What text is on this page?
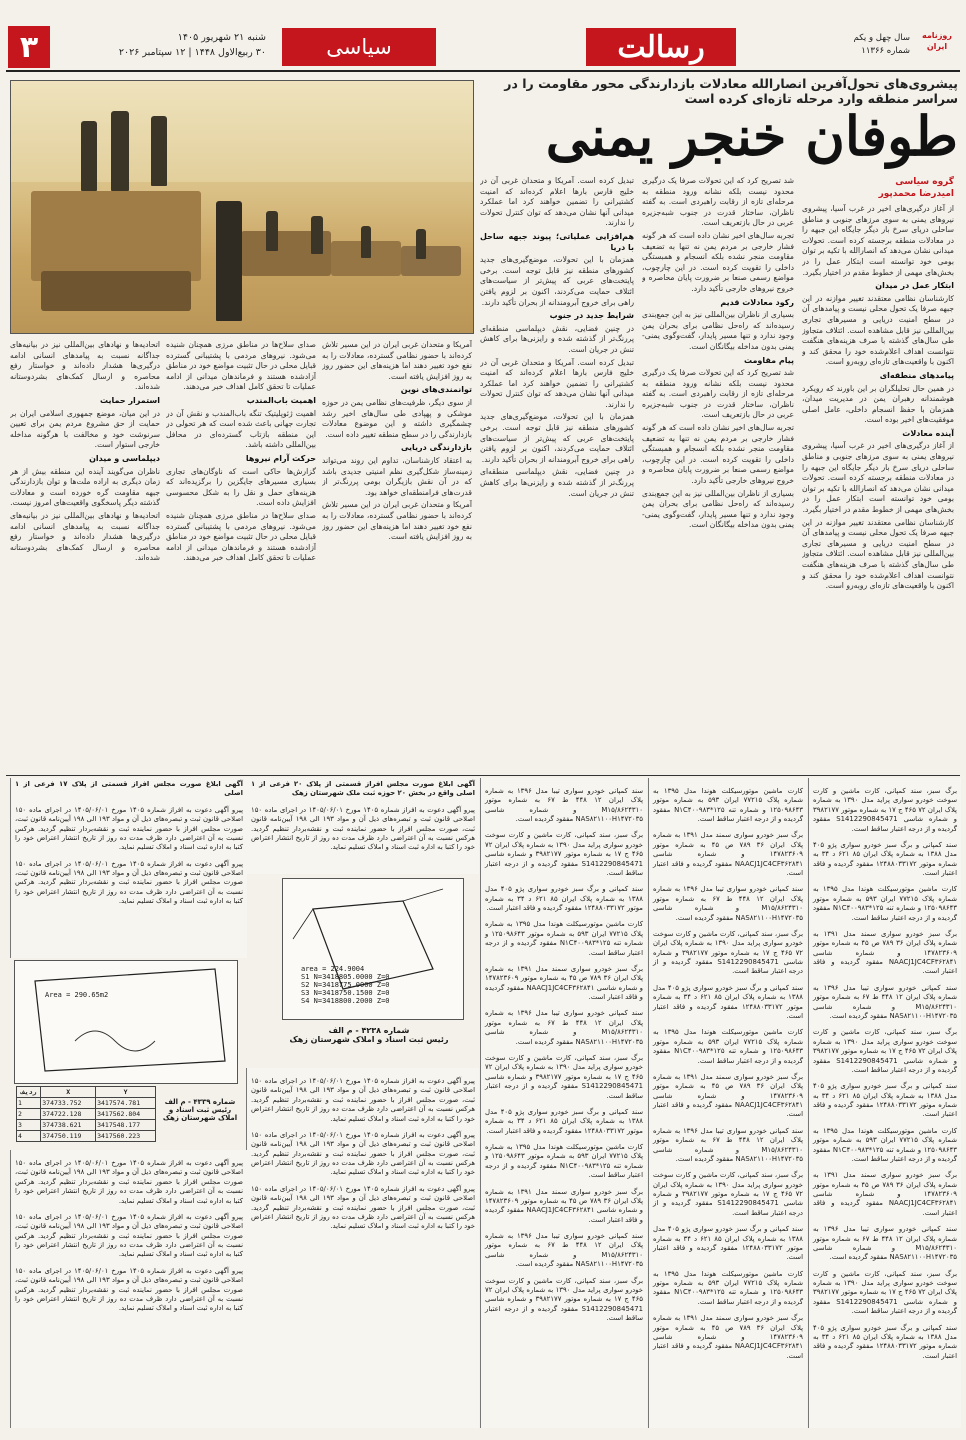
۳	شنبه ۲۱ شهریور ۱۴۰۵
۳۰ ربیع‌الاول ۱۴۴۸ | ۱۲ سپتامبر ۲۰۲۶	سیاسی	رسالت	سال چهل و یکم
شماره ۱۱۳۶۶
روزنامه ایران
پیشروی‌های تحول‌آفرین انصارالله معادلات بازدارندگی محور مقاومت را در سراسر منطقه وارد مرحله تازه‌ای کرده است
طوفان خنجر یمنی
گروه سیاسی
امیدرضا محمدپور

از آغاز درگیری‌های اخیر در غرب آسیا، پیشروی نیروهای یمنی به سوی مرزهای جنوبی و مناطق ساحلی دریای سرخ بار دیگر جایگاه این جبهه را در معادلات منطقه برجسته کرده است. تحولات میدانی نشان می‌دهد که انصارالله با تکیه بر توان بومی خود توانسته است ابتکار عمل را در بخش‌های مهمی از خطوط مقدم در اختیار بگیرد.

ابتکار عمل در میدان

کارشناسان نظامی معتقدند تغییر موازنه در این جبهه صرفا یک تحول محلی نیست و پیامدهای آن در سطح امنیت دریایی و مسیرهای تجاری بین‌المللی نیز قابل مشاهده است. ائتلاف متجاوز طی سال‌های گذشته با صرف هزینه‌های هنگفت نتوانست اهداف اعلام‌شده خود را محقق کند و اکنون با واقعیت‌های تازه‌ای روبه‌رو است.

پیامدهای منطقه‌ای

در همین حال تحلیلگران بر این باورند که رویکرد هوشمندانه رهبران یمن در مدیریت میدان، همزمان با حفظ انسجام داخلی، عامل اصلی موفقیت‌های اخیر بوده است.

آینده معادلات

از آغاز درگیری‌های اخیر در غرب آسیا، پیشروی نیروهای یمنی به سوی مرزهای جنوبی و مناطق ساحلی دریای سرخ بار دیگر جایگاه این جبهه را در معادلات منطقه برجسته کرده است. تحولات میدانی نشان می‌دهد که انصارالله با تکیه بر توان بومی خود توانسته است ابتکار عمل را در بخش‌های مهمی از خطوط مقدم در اختیار بگیرد.

کارشناسان نظامی معتقدند تغییر موازنه در این جبهه صرفا یک تحول محلی نیست و پیامدهای آن در سطح امنیت دریایی و مسیرهای تجاری بین‌المللی نیز قابل مشاهده است. ائتلاف متجاوز طی سال‌های گذشته با صرف هزینه‌های هنگفت نتوانست اهداف اعلام‌شده خود را محقق کند و اکنون با واقعیت‌های تازه‌ای روبه‌رو است.

شد تصریح کرد که این تحولات صرفا یک درگیری محدود نیست بلکه نشانه ورود منطقه به مرحله‌ای تازه از رقابت راهبردی است. به گفته ناظران، ساختار قدرت در جنوب شبه‌جزیره عربی در حال بازتعریف است.

تجربه سال‌های اخیر نشان داده است که هر گونه فشار خارجی بر مردم یمن نه تنها به تضعیف مقاومت منجر نشده بلکه انسجام و همبستگی داخلی را تقویت کرده است. در این چارچوب، مواضع رسمی صنعا بر ضرورت پایان محاصره و خروج نیروهای خارجی تأکید دارد.

رکود معادلات قدیم

بسیاری از ناظران بین‌المللی نیز به این جمع‌بندی رسیده‌اند که راه‌حل نظامی برای بحران یمن وجود ندارد و تنها مسیر پایدار، گفت‌وگوی یمنی-یمنی بدون مداخله بیگانگان است.

پیام مقاومت

شد تصریح کرد که این تحولات صرفا یک درگیری محدود نیست بلکه نشانه ورود منطقه به مرحله‌ای تازه از رقابت راهبردی است. به گفته ناظران، ساختار قدرت در جنوب شبه‌جزیره عربی در حال بازتعریف است.

تجربه سال‌های اخیر نشان داده است که هر گونه فشار خارجی بر مردم یمن نه تنها به تضعیف مقاومت منجر نشده بلکه انسجام و همبستگی داخلی را تقویت کرده است. در این چارچوب، مواضع رسمی صنعا بر ضرورت پایان محاصره و خروج نیروهای خارجی تأکید دارد.

بسیاری از ناظران بین‌المللی نیز به این جمع‌بندی رسیده‌اند که راه‌حل نظامی برای بحران یمن وجود ندارد و تنها مسیر پایدار، گفت‌وگوی یمنی-یمنی بدون مداخله بیگانگان است.

تبدیل کرده است. آمریکا و متحدان غربی آن در خلیج فارس بارها اعلام کرده‌اند که امنیت کشتیرانی را تضمین خواهند کرد اما عملکرد میدانی آنها نشان می‌دهد که توان کنترل تحولات را ندارند.

هم‌افزایی عملیاتی؛ پیوند جبهه ساحل با دریا

همزمان با این تحولات، موضع‌گیری‌های جدید کشورهای منطقه نیز قابل توجه است. برخی پایتخت‌های عربی که پیش‌تر از سیاست‌های ائتلاف حمایت می‌کردند، اکنون بر لزوم یافتن راهی برای خروج آبرومندانه از بحران تأکید دارند.

شرایط جدید در جنوب

در چنین فضایی، نقش دیپلماسی منطقه‌ای پررنگ‌تر از گذشته شده و رایزنی‌ها برای کاهش تنش در جریان است.

تبدیل کرده است. آمریکا و متحدان غربی آن در خلیج فارس بارها اعلام کرده‌اند که امنیت کشتیرانی را تضمین خواهند کرد اما عملکرد میدانی آنها نشان می‌دهد که توان کنترل تحولات را ندارند.

همزمان با این تحولات، موضع‌گیری‌های جدید کشورهای منطقه نیز قابل توجه است. برخی پایتخت‌های عربی که پیش‌تر از سیاست‌های ائتلاف حمایت می‌کردند، اکنون بر لزوم یافتن راهی برای خروج آبرومندانه از بحران تأکید دارند.

در چنین فضایی، نقش دیپلماسی منطقه‌ای پررنگ‌تر از گذشته شده و رایزنی‌ها برای کاهش تنش در جریان است.

آمریکا و متحدان غربی ایران در این مسیر تلاش کرده‌اند با حضور نظامی گسترده، معادلات را به نفع خود تغییر دهند اما هزینه‌های این حضور روز به روز افزایش یافته است.

توانمندی‌های نوین

از سوی دیگر، ظرفیت‌های نظامی یمن در حوزه موشکی و پهپادی طی سال‌های اخیر رشد چشمگیری داشته و این موضوع معادلات بازدارندگی را در سطح منطقه تغییر داده است.

بازدارندگی دریایی

به اعتقاد کارشناسان، تداوم این روند می‌تواند زمینه‌ساز شکل‌گیری نظم امنیتی جدیدی باشد که در آن نقش بازیگران بومی پررنگ‌تر از قدرت‌های فرامنطقه‌ای خواهد بود.

آمریکا و متحدان غربی ایران در این مسیر تلاش کرده‌اند با حضور نظامی گسترده، معادلات را به نفع خود تغییر دهند اما هزینه‌های این حضور روز به روز افزایش یافته است.

صدای سلاح‌ها در مناطق مرزی همچنان شنیده می‌شود. نیروهای مردمی با پشتیبانی گسترده قبایل محلی در حال تثبیت مواضع خود در مناطق آزادشده هستند و فرماندهان میدانی از ادامه عملیات تا تحقق کامل اهداف خبر می‌دهند.

اهمیت باب‌المندب

اهمیت ژئوپلیتیک تنگه باب‌المندب و نقش آن در تجارت جهانی باعث شده است که هر تحولی در این منطقه بازتاب گسترده‌ای در محافل بین‌المللی داشته باشد.

حرکت آرام نیروها

گزارش‌ها حاکی است که ناوگان‌های تجاری بسیاری مسیرهای جایگزین را برگزیده‌اند که هزینه‌های حمل و نقل را به شکل محسوسی افزایش داده است.

صدای سلاح‌ها در مناطق مرزی همچنان شنیده می‌شود. نیروهای مردمی با پشتیبانی گسترده قبایل محلی در حال تثبیت مواضع خود در مناطق آزادشده هستند و فرماندهان میدانی از ادامه عملیات تا تحقق کامل اهداف خبر می‌دهند.

اتحادیه‌ها و نهادهای بین‌المللی نیز در بیانیه‌های جداگانه نسبت به پیامدهای انسانی ادامه درگیری‌ها هشدار داده‌اند و خواستار رفع محاصره و ارسال کمک‌های بشردوستانه شده‌اند.

استمرار حمایت

در این میان، موضع جمهوری اسلامی ایران بر حمایت از حق مشروع مردم یمن برای تعیین سرنوشت خود و مخالفت با هرگونه مداخله خارجی استوار است.

دیپلماسی و میدان

ناظران می‌گویند آینده این منطقه بیش از هر زمان دیگری به اراده ملت‌ها و توان بازدارندگی جبهه مقاومت گره خورده است و معادلات گذشته دیگر پاسخگوی واقعیت‌های امروز نیست.

اتحادیه‌ها و نهادهای بین‌المللی نیز در بیانیه‌های جداگانه نسبت به پیامدهای انسانی ادامه درگیری‌ها هشدار داده‌اند و خواستار رفع محاصره و ارسال کمک‌های بشردوستانه شده‌اند.

برگ سبز، سند کمپانی، کارت ماشین و کارت سوخت خودرو سواری پراید مدل ۱۳۹۰ به شماره پلاک ایران ۷۲ ۴۶۵ ج ۱۷ به شماره موتور ۳۹۸۲۱۷۷ و شماره شاسی S1412290845471 مفقود گردیده و از درجه اعتبار ساقط است.

سند کمپانی و برگ سبز خودرو سواری پژو ۴۰۵ مدل ۱۳۸۸ به شماره پلاک ایران ۸۵ ۶۲۱ د ۳۴ به شماره موتور ۱۲۴۸۸۰۳۳۱۷۲ مفقود گردیده و فاقد اعتبار است.

کارت ماشین موتورسیکلت هوندا مدل ۱۳۹۵ به شماره پلاک ۷۷۲۱۵ ایران ۵۹۳ به شماره موتور ۱۲۵۰۹۸۶۴۳ و شماره تنه ۱۲۵*N۱C۴۰۰۹۸۳ مفقود گردیده و از درجه اعتبار ساقط است.

برگ سبز خودرو سواری سمند مدل ۱۳۹۱ به شماره پلاک ایران ۳۶ ۷۸۹ ص ۴۵ به شماره موتور ۱۴۷۸۲۳۶۰۹ و شماره شاسی NAACJ1JC4CF۳۶۲۸۴۱ مفقود گردیده و فاقد اعتبار است.

سند کمپانی خودرو سواری تیبا مدل ۱۳۹۶ به شماره پلاک ایران ۱۲ ۴۴۸ ط ۶۷ به شماره موتور M۱۵/۸۶۲۴۳۱۰ و شماره شاسی NAS۸۲۱۱۰۰H۱۴۷۲۰۳۵ مفقود گردیده است.

برگ سبز، سند کمپانی، کارت ماشین و کارت سوخت خودرو سواری پراید مدل ۱۳۹۰ به شماره پلاک ایران ۷۲ ۴۶۵ ج ۱۷ به شماره موتور ۳۹۸۲۱۷۷ و شماره شاسی S1412290845471 مفقود گردیده و از درجه اعتبار ساقط است.

سند کمپانی و برگ سبز خودرو سواری پژو ۴۰۵ مدل ۱۳۸۸ به شماره پلاک ایران ۸۵ ۶۲۱ د ۳۴ به شماره موتور ۱۲۴۸۸۰۳۳۱۷۲ مفقود گردیده و فاقد اعتبار است.

کارت ماشین موتورسیکلت هوندا مدل ۱۳۹۵ به شماره پلاک ۷۷۲۱۵ ایران ۵۹۳ به شماره موتور ۱۲۵۰۹۸۶۴۳ و شماره تنه ۱۲۵*N۱C۴۰۰۹۸۳ مفقود گردیده و از درجه اعتبار ساقط است.

برگ سبز خودرو سواری سمند مدل ۱۳۹۱ به شماره پلاک ایران ۳۶ ۷۸۹ ص ۴۵ به شماره موتور ۱۴۷۸۲۳۶۰۹ و شماره شاسی NAACJ1JC4CF۳۶۲۸۴۱ مفقود گردیده و فاقد اعتبار است.

سند کمپانی خودرو سواری تیبا مدل ۱۳۹۶ به شماره پلاک ایران ۱۲ ۴۴۸ ط ۶۷ به شماره موتور M۱۵/۸۶۲۴۳۱۰ و شماره شاسی NAS۸۲۱۱۰۰H۱۴۷۲۰۳۵ مفقود گردیده است.

برگ سبز، سند کمپانی، کارت ماشین و کارت سوخت خودرو سواری پراید مدل ۱۳۹۰ به شماره پلاک ایران ۷۲ ۴۶۵ ج ۱۷ به شماره موتور ۳۹۸۲۱۷۷ و شماره شاسی S1412290845471 مفقود گردیده و از درجه اعتبار ساقط است.

سند کمپانی و برگ سبز خودرو سواری پژو ۴۰۵ مدل ۱۳۸۸ به شماره پلاک ایران ۸۵ ۶۲۱ د ۳۴ به شماره موتور ۱۲۴۸۸۰۳۳۱۷۲ مفقود گردیده و فاقد اعتبار است.

کارت ماشین موتورسیکلت هوندا مدل ۱۳۹۵ به شماره پلاک ۷۷۲۱۵ ایران ۵۹۳ به شماره موتور ۱۲۵۰۹۸۶۴۳ و شماره تنه ۱۲۵*N۱C۴۰۰۹۸۳ مفقود گردیده و از درجه اعتبار ساقط است.

برگ سبز خودرو سواری سمند مدل ۱۳۹۱ به شماره پلاک ایران ۳۶ ۷۸۹ ص ۴۵ به شماره موتور ۱۴۷۸۲۳۶۰۹ و شماره شاسی NAACJ1JC4CF۳۶۲۸۴۱ مفقود گردیده و فاقد اعتبار است.

سند کمپانی خودرو سواری تیبا مدل ۱۳۹۶ به شماره پلاک ایران ۱۲ ۴۴۸ ط ۶۷ به شماره موتور M۱۵/۸۶۲۴۳۱۰ و شماره شاسی NAS۸۲۱۱۰۰H۱۴۷۲۰۳۵ مفقود گردیده است.

برگ سبز، سند کمپانی، کارت ماشین و کارت سوخت خودرو سواری پراید مدل ۱۳۹۰ به شماره پلاک ایران ۷۲ ۴۶۵ ج ۱۷ به شماره موتور ۳۹۸۲۱۷۷ و شماره شاسی S1412290845471 مفقود گردیده و از درجه اعتبار ساقط است.

سند کمپانی و برگ سبز خودرو سواری پژو ۴۰۵ مدل ۱۳۸۸ به شماره پلاک ایران ۸۵ ۶۲۱ د ۳۴ به شماره موتور ۱۲۴۸۸۰۳۳۱۷۲ مفقود گردیده و فاقد اعتبار است.

کارت ماشین موتورسیکلت هوندا مدل ۱۳۹۵ به شماره پلاک ۷۷۲۱۵ ایران ۵۹۳ به شماره موتور ۱۲۵۰۹۸۶۴۳ و شماره تنه ۱۲۵*N۱C۴۰۰۹۸۳ مفقود گردیده و از درجه اعتبار ساقط است.

برگ سبز خودرو سواری سمند مدل ۱۳۹۱ به شماره پلاک ایران ۳۶ ۷۸۹ ص ۴۵ به شماره موتور ۱۴۷۸۲۳۶۰۹ و شماره شاسی NAACJ1JC4CF۳۶۲۸۴۱ مفقود گردیده و فاقد اعتبار است.

سند کمپانی خودرو سواری تیبا مدل ۱۳۹۶ به شماره پلاک ایران ۱۲ ۴۴۸ ط ۶۷ به شماره موتور M۱۵/۸۶۲۴۳۱۰ و شماره شاسی NAS۸۲۱۱۰۰H۱۴۷۲۰۳۵ مفقود گردیده است.

برگ سبز، سند کمپانی، کارت ماشین و کارت سوخت خودرو سواری پراید مدل ۱۳۹۰ به شماره پلاک ایران ۷۲ ۴۶۵ ج ۱۷ به شماره موتور ۳۹۸۲۱۷۷ و شماره شاسی S1412290845471 مفقود گردیده و از درجه اعتبار ساقط است.

سند کمپانی و برگ سبز خودرو سواری پژو ۴۰۵ مدل ۱۳۸۸ به شماره پلاک ایران ۸۵ ۶۲۱ د ۳۴ به شماره موتور ۱۲۴۸۸۰۳۳۱۷۲ مفقود گردیده و فاقد اعتبار است.

کارت ماشین موتورسیکلت هوندا مدل ۱۳۹۵ به شماره پلاک ۷۷۲۱۵ ایران ۵۹۳ به شماره موتور ۱۲۵۰۹۸۶۴۳ و شماره تنه ۱۲۵*N۱C۴۰۰۹۸۳ مفقود گردیده و از درجه اعتبار ساقط است.

برگ سبز خودرو سواری سمند مدل ۱۳۹۱ به شماره پلاک ایران ۳۶ ۷۸۹ ص ۴۵ به شماره موتور ۱۴۷۸۲۳۶۰۹ و شماره شاسی NAACJ1JC4CF۳۶۲۸۴۱ مفقود گردیده و فاقد اعتبار است.

سند کمپانی خودرو سواری تیبا مدل ۱۳۹۶ به شماره پلاک ایران ۱۲ ۴۴۸ ط ۶۷ به شماره موتور M۱۵/۸۶۲۴۳۱۰ و شماره شاسی NAS۸۲۱۱۰۰H۱۴۷۲۰۳۵ مفقود گردیده است.

برگ سبز، سند کمپانی، کارت ماشین و کارت سوخت خودرو سواری پراید مدل ۱۳۹۰ به شماره پلاک ایران ۷۲ ۴۶۵ ج ۱۷ به شماره موتور ۳۹۸۲۱۷۷ و شماره شاسی S1412290845471 مفقود گردیده و از درجه اعتبار ساقط است.

سند کمپانی و برگ سبز خودرو سواری پژو ۴۰۵ مدل ۱۳۸۸ به شماره پلاک ایران ۸۵ ۶۲۱ د ۳۴ به شماره موتور ۱۲۴۸۸۰۳۳۱۷۲ مفقود گردیده و فاقد اعتبار است.

کارت ماشین موتورسیکلت هوندا مدل ۱۳۹۵ به شماره پلاک ۷۷۲۱۵ ایران ۵۹۳ به شماره موتور ۱۲۵۰۹۸۶۴۳ و شماره تنه ۱۲۵*N۱C۴۰۰۹۸۳ مفقود گردیده و از درجه اعتبار ساقط است.

برگ سبز خودرو سواری سمند مدل ۱۳۹۱ به شماره پلاک ایران ۳۶ ۷۸۹ ص ۴۵ به شماره موتور ۱۴۷۸۲۳۶۰۹ و شماره شاسی NAACJ1JC4CF۳۶۲۸۴۱ مفقود گردیده و فاقد اعتبار است.

سند کمپانی خودرو سواری تیبا مدل ۱۳۹۶ به شماره پلاک ایران ۱۲ ۴۴۸ ط ۶۷ به شماره موتور M۱۵/۸۶۲۴۳۱۰ و شماره شاسی NAS۸۲۱۱۰۰H۱۴۷۲۰۳۵ مفقود گردیده است.

برگ سبز، سند کمپانی، کارت ماشین و کارت سوخت خودرو سواری پراید مدل ۱۳۹۰ به شماره پلاک ایران ۷۲ ۴۶۵ ج ۱۷ به شماره موتور ۳۹۸۲۱۷۷ و شماره شاسی S1412290845471 مفقود گردیده و از درجه اعتبار ساقط است.

سند کمپانی و برگ سبز خودرو سواری پژو ۴۰۵ مدل ۱۳۸۸ به شماره پلاک ایران ۸۵ ۶۲۱ د ۳۴ به شماره موتور ۱۲۴۸۸۰۳۳۱۷۲ مفقود گردیده و فاقد اعتبار است.

کارت ماشین موتورسیکلت هوندا مدل ۱۳۹۵ به شماره پلاک ۷۷۲۱۵ ایران ۵۹۳ به شماره موتور ۱۲۵۰۹۸۶۴۳ و شماره تنه ۱۲۵*N۱C۴۰۰۹۸۳ مفقود گردیده و از درجه اعتبار ساقط است.

برگ سبز خودرو سواری سمند مدل ۱۳۹۱ به شماره پلاک ایران ۳۶ ۷۸۹ ص ۴۵ به شماره موتور ۱۴۷۸۲۳۶۰۹ و شماره شاسی NAACJ1JC4CF۳۶۲۸۴۱ مفقود گردیده و فاقد اعتبار است.

سند کمپانی خودرو سواری تیبا مدل ۱۳۹۶ به شماره پلاک ایران ۱۲ ۴۴۸ ط ۶۷ به شماره موتور M۱۵/۸۶۲۴۳۱۰ و شماره شاسی NAS۸۲۱۱۰۰H۱۴۷۲۰۳۵ مفقود گردیده است.

برگ سبز، سند کمپانی، کارت ماشین و کارت سوخت خودرو سواری پراید مدل ۱۳۹۰ به شماره پلاک ایران ۷۲ ۴۶۵ ج ۱۷ به شماره موتور ۳۹۸۲۱۷۷ و شماره شاسی S1412290845471 مفقود گردیده و از درجه اعتبار ساقط است.

آگهی ابلاغ صورت مجلس افراز قسمتی از پلاک ۲۰ فرعی از ۱ اصلی واقع در بخش ۲۰ حوزه ثبت ملک شهرستان زهک

پیرو آگهی دعوت به افراز شماره ۱۴۰۵ مورخ ۱۴۰۵/۰۶/۰۱ در اجرای ماده ۱۵۰ اصلاحی قانون ثبت و تبصره‌های ذیل آن و مواد ۱۹۳ الی ۱۹۸ آیین‌نامه قانون ثبت، صورت مجلس افراز با حضور نماینده ثبت و نقشه‌بردار تنظیم گردید. هرکس نسبت به آن اعتراضی دارد ظرف مدت ده روز از تاریخ انتشار اعتراض خود را کتبا به اداره ثبت اسناد و املاک تسلیم نماید.

area = 224.9004
S1 N=3418805.0000 Z=0
S2 N=3418775.0000 Z=0
S3 N=3418750.1500 Z=0
S4 N=3418800.2000 Z=0
شماره ۴۲۳۸ - م الف
رئیس ثبت اسناد و املاک شهرستان زهک

پیرو آگهی دعوت به افراز شماره ۱۴۰۵ مورخ ۱۴۰۵/۰۶/۰۱ در اجرای ماده ۱۵۰ اصلاحی قانون ثبت و تبصره‌های ذیل آن و مواد ۱۹۳ الی ۱۹۸ آیین‌نامه قانون ثبت، صورت مجلس افراز با حضور نماینده ثبت و نقشه‌بردار تنظیم گردید. هرکس نسبت به آن اعتراضی دارد ظرف مدت ده روز از تاریخ انتشار اعتراض خود را کتبا به اداره ثبت اسناد و املاک تسلیم نماید.

پیرو آگهی دعوت به افراز شماره ۱۴۰۵ مورخ ۱۴۰۵/۰۶/۰۱ در اجرای ماده ۱۵۰ اصلاحی قانون ثبت و تبصره‌های ذیل آن و مواد ۱۹۳ الی ۱۹۸ آیین‌نامه قانون ثبت، صورت مجلس افراز با حضور نماینده ثبت و نقشه‌بردار تنظیم گردید. هرکس نسبت به آن اعتراضی دارد ظرف مدت ده روز از تاریخ انتشار اعتراض خود را کتبا به اداره ثبت اسناد و املاک تسلیم نماید.

پیرو آگهی دعوت به افراز شماره ۱۴۰۵ مورخ ۱۴۰۵/۰۶/۰۱ در اجرای ماده ۱۵۰ اصلاحی قانون ثبت و تبصره‌های ذیل آن و مواد ۱۹۳ الی ۱۹۸ آیین‌نامه قانون ثبت، صورت مجلس افراز با حضور نماینده ثبت و نقشه‌بردار تنظیم گردید. هرکس نسبت به آن اعتراضی دارد ظرف مدت ده روز از تاریخ انتشار اعتراض خود را کتبا به اداره ثبت اسناد و املاک تسلیم نماید.

آگهی ابلاغ صورت مجلس افراز قسمتی از پلاک ۱۷ فرعی از ۱ اصلی

پیرو آگهی دعوت به افراز شماره ۱۴۰۵ مورخ ۱۴۰۵/۰۶/۰۱ در اجرای ماده ۱۵۰ اصلاحی قانون ثبت و تبصره‌های ذیل آن و مواد ۱۹۳ الی ۱۹۸ آیین‌نامه قانون ثبت، صورت مجلس افراز با حضور نماینده ثبت و نقشه‌بردار تنظیم گردید. هرکس نسبت به آن اعتراضی دارد ظرف مدت ده روز از تاریخ انتشار اعتراض خود را کتبا به اداره ثبت اسناد و املاک تسلیم نماید.

پیرو آگهی دعوت به افراز شماره ۱۴۰۵ مورخ ۱۴۰۵/۰۶/۰۱ در اجرای ماده ۱۵۰ اصلاحی قانون ثبت و تبصره‌های ذیل آن و مواد ۱۹۳ الی ۱۹۸ آیین‌نامه قانون ثبت، صورت مجلس افراز با حضور نماینده ثبت و نقشه‌بردار تنظیم گردید. هرکس نسبت به آن اعتراضی دارد ظرف مدت ده روز از تاریخ انتشار اعتراض خود را کتبا به اداره ثبت اسناد و املاک تسلیم نماید.

Area = 290.65m2
ردیف	X	Y
1	374733.752	3417574.781
2	374722.128	3417562.804
3	374738.621	3417548.177
4	374750.119	3417560.223
شماره ۴۳۳۹ - م الف
رئیس ثبت اسناد و املاک شهرستان زهک

پیرو آگهی دعوت به افراز شماره ۱۴۰۵ مورخ ۱۴۰۵/۰۶/۰۱ در اجرای ماده ۱۵۰ اصلاحی قانون ثبت و تبصره‌های ذیل آن و مواد ۱۹۳ الی ۱۹۸ آیین‌نامه قانون ثبت، صورت مجلس افراز با حضور نماینده ثبت و نقشه‌بردار تنظیم گردید. هرکس نسبت به آن اعتراضی دارد ظرف مدت ده روز از تاریخ انتشار اعتراض خود را کتبا به اداره ثبت اسناد و املاک تسلیم نماید.

پیرو آگهی دعوت به افراز شماره ۱۴۰۵ مورخ ۱۴۰۵/۰۶/۰۱ در اجرای ماده ۱۵۰ اصلاحی قانون ثبت و تبصره‌های ذیل آن و مواد ۱۹۳ الی ۱۹۸ آیین‌نامه قانون ثبت، صورت مجلس افراز با حضور نماینده ثبت و نقشه‌بردار تنظیم گردید. هرکس نسبت به آن اعتراضی دارد ظرف مدت ده روز از تاریخ انتشار اعتراض خود را کتبا به اداره ثبت اسناد و املاک تسلیم نماید.

پیرو آگهی دعوت به افراز شماره ۱۴۰۵ مورخ ۱۴۰۵/۰۶/۰۱ در اجرای ماده ۱۵۰ اصلاحی قانون ثبت و تبصره‌های ذیل آن و مواد ۱۹۳ الی ۱۹۸ آیین‌نامه قانون ثبت، صورت مجلس افراز با حضور نماینده ثبت و نقشه‌بردار تنظیم گردید. هرکس نسبت به آن اعتراضی دارد ظرف مدت ده روز از تاریخ انتشار اعتراض خود را کتبا به اداره ثبت اسناد و املاک تسلیم نماید.
